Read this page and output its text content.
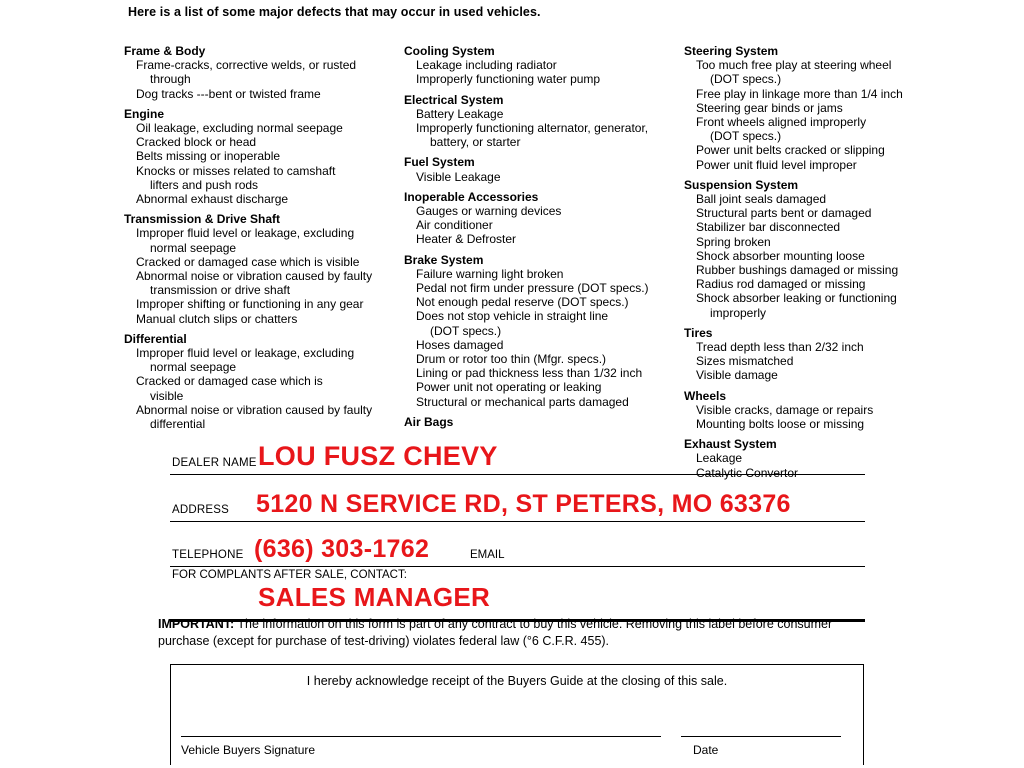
Here is a list of some major defects that may occur in used vehicles.
Frame & Body
Frame-cracks, corrective welds, or rusted
through
Dog tracks ---bent or twisted frame
Engine
Oil leakage, excluding normal seepage
Cracked block or head
Belts missing or inoperable
Knocks or misses related to camshaft
lifters and push rods
Abnormal exhaust discharge
Transmission & Drive Shaft
Improper fluid level or leakage, excluding
normal seepage
Cracked or damaged case which is visible
Abnormal noise or vibration caused by faulty
transmission or drive shaft
Improper shifting or functioning in any gear
Manual clutch slips or chatters
Differential
Improper fluid level or leakage, excluding
normal seepage
Cracked or damaged case which is
visible
Abnormal noise or vibration caused by faulty
differential
Cooling System
Leakage including radiator
Improperly functioning water pump
Electrical System
Battery Leakage
Improperly functioning alternator, generator,
battery, or starter
Fuel System
Visible Leakage
Inoperable Accessories
Gauges or warning devices
Air conditioner
Heater & Defroster
Brake System
Failure warning light broken
Pedal not firm under pressure (DOT specs.)
Not enough pedal reserve (DOT specs.)
Does not stop vehicle in straight line
(DOT specs.)
Hoses damaged
Drum or rotor too thin (Mfgr. specs.)
Lining or pad thickness less than 1/32 inch
Power unit not operating or leaking
Structural or mechanical parts damaged
Air Bags
Steering System
Too much free play at steering wheel
(DOT specs.)
Free play in linkage more than 1/4 inch
Steering gear binds or jams
Front wheels aligned improperly
(DOT specs.)
Power unit belts cracked or slipping
Power unit fluid level improper
Suspension System
Ball joint seals damaged
Structural parts bent or damaged
Stabilizer bar disconnected
Spring broken
Shock absorber mounting loose
Rubber bushings damaged or missing
Radius rod damaged or missing
Shock absorber leaking or functioning
improperly
Tires
Tread depth less than 2/32 inch
Sizes mismatched
Visible damage
Wheels
Visible cracks, damage or repairs
Mounting bolts loose or missing
Exhaust System
Leakage
Catalytic Convertor
DEALER NAME LOU FUSZ CHEVY
ADDRESS 5120 N SERVICE RD, ST PETERS, MO 63376
TELEPHONE (636) 303-1762	EMAIL
FOR COMPLANTS AFTER SALE, CONTACT:
SALES MANAGER
IMPORTANT: The information on this form is part of any contract to buy this vehicle. Removing this label before consumer purchase (except for purchase of test-driving) violates federal law (°6 C.F.R. 455).
I hereby acknowledge receipt of the Buyers Guide at the closing of this sale.
Vehicle Buyers Signature	Date
